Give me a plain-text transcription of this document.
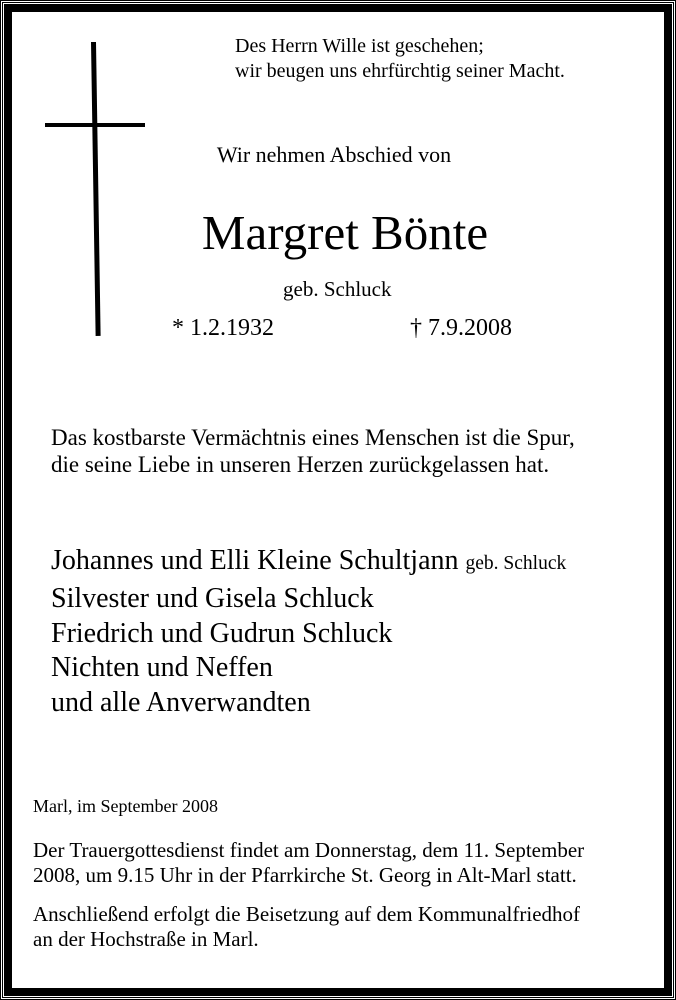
Des Herrn Wille ist geschehen;
wir beugen uns ehrfürchtig seiner Macht.
Wir nehmen Abschied von
Margret Bönte
geb. Schluck
* 1.2.1932	† 7.9.2008
Das kostbarste Vermächtnis eines Menschen ist die Spur,
die seine Liebe in unseren Herzen zurückgelassen hat.
Johannes und Elli Kleine Schultjann geb. Schluck
Silvester und Gisela Schluck
Friedrich und Gudrun Schluck
Nichten und Neffen
und alle Anverwandten
Marl, im September 2008
Der Trauergottesdienst findet am Donnerstag, dem 11. September
2008, um 9.15 Uhr in der Pfarrkirche St. Georg in Alt-Marl statt.
Anschließend erfolgt die Beisetzung auf dem Kommunalfriedhof
an der Hochstraße in Marl.
